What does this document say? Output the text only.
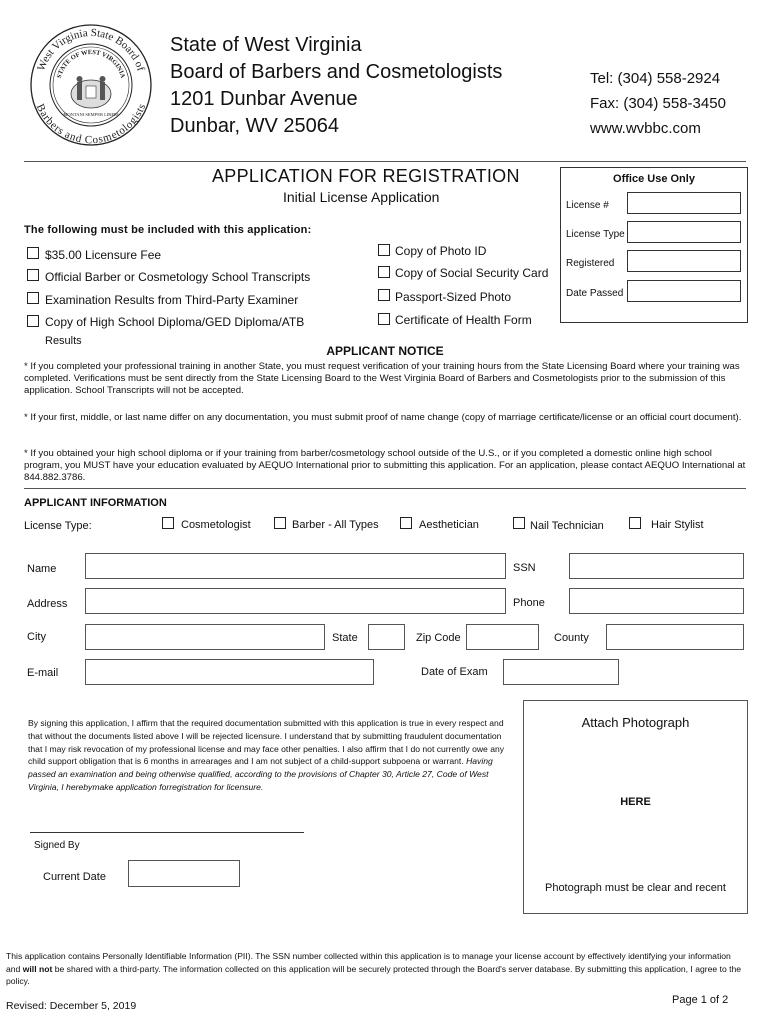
West Virginia State Board of
Barbers and Cosmetologists
STATE OF WEST VIRGINIA
MONTANI SEMPER LIBERI
State of West Virginia
Board of Barbers and Cosmetologists
1201 Dunbar Avenue
Dunbar, WV 25064
Tel: (304) 558-2924
Fax: (304) 558-3450
www.wvbbc.com
APPLICATION FOR REGISTRATION
Initial License Application
Office Use Only
License #
License Type
Registered
Date Passed
The following must be included with this application:
$35.00 Licensure Fee
Official Barber or Cosmetology School Transcripts
Examination Results from Third-Party Examiner
Copy of High School Diploma/GED Diploma/ATB
Results
Copy of Photo ID
Copy of Social Security Card
Passport-Sized Photo
Certificate of Health Form
APPLICANT NOTICE
* If you completed your professional training in another State, you must request verification of your training hours from the State Licensing Board where your training was completed. Verifications must be sent directly from the State Licensing Board to the West Virginia Board of Barbers and Cosmetologists prior to the submission of this application. School Transcripts will not be accepted.
* If your first, middle, or last name differ on any documentation, you must submit proof of name change (copy of marriage certificate/license or an official court document).
* If you obtained your high school diploma or if your training from barber/cosmetology school outside of the U.S., or if you completed a domestic online high school program, you MUST have your education evaluated by AEQUO International prior to submitting this application. For an application, please contact AEQUO International at 844.882.3786.
APPLICANT INFORMATION
License Type:	Cosmetologist	Barber - All Types	Aesthetician	Nail Technician	Hair Stylist
Name	SSN
Address	Phone
City	State	Zip Code	County
E-mail	Date of Exam
By signing this application, I affirm that the required documentation submitted with this application is true in every respect and that without the documents listed above I will be rejected licensure. I understand that by submitting fraudulent documentation that I may risk revocation of my professional license and may face other penalties. I also affirm that I do not currently owe any child support obligation that is 6 months in arrearages and I am not subject of a child-support subpoena or warrant. Having passed an examination and being otherwise qualified, according to the provisions of Chapter 30, Article 27, Code of West Virginia, I herebymake application forregistration for licensure.
Attach Photograph
HERE
Photograph must be clear and recent
Signed By
Current Date
This application contains Personally Identifiable Information (PII). The SSN number collected within this application is to manage your license account by effectively identifying your information and will not be shared with a third-party. The information collected on this application will be securely protected through the Board's server database. By submitting this application, I agree to the policy.
Revised: December 5, 2019	Page 1 of 2
